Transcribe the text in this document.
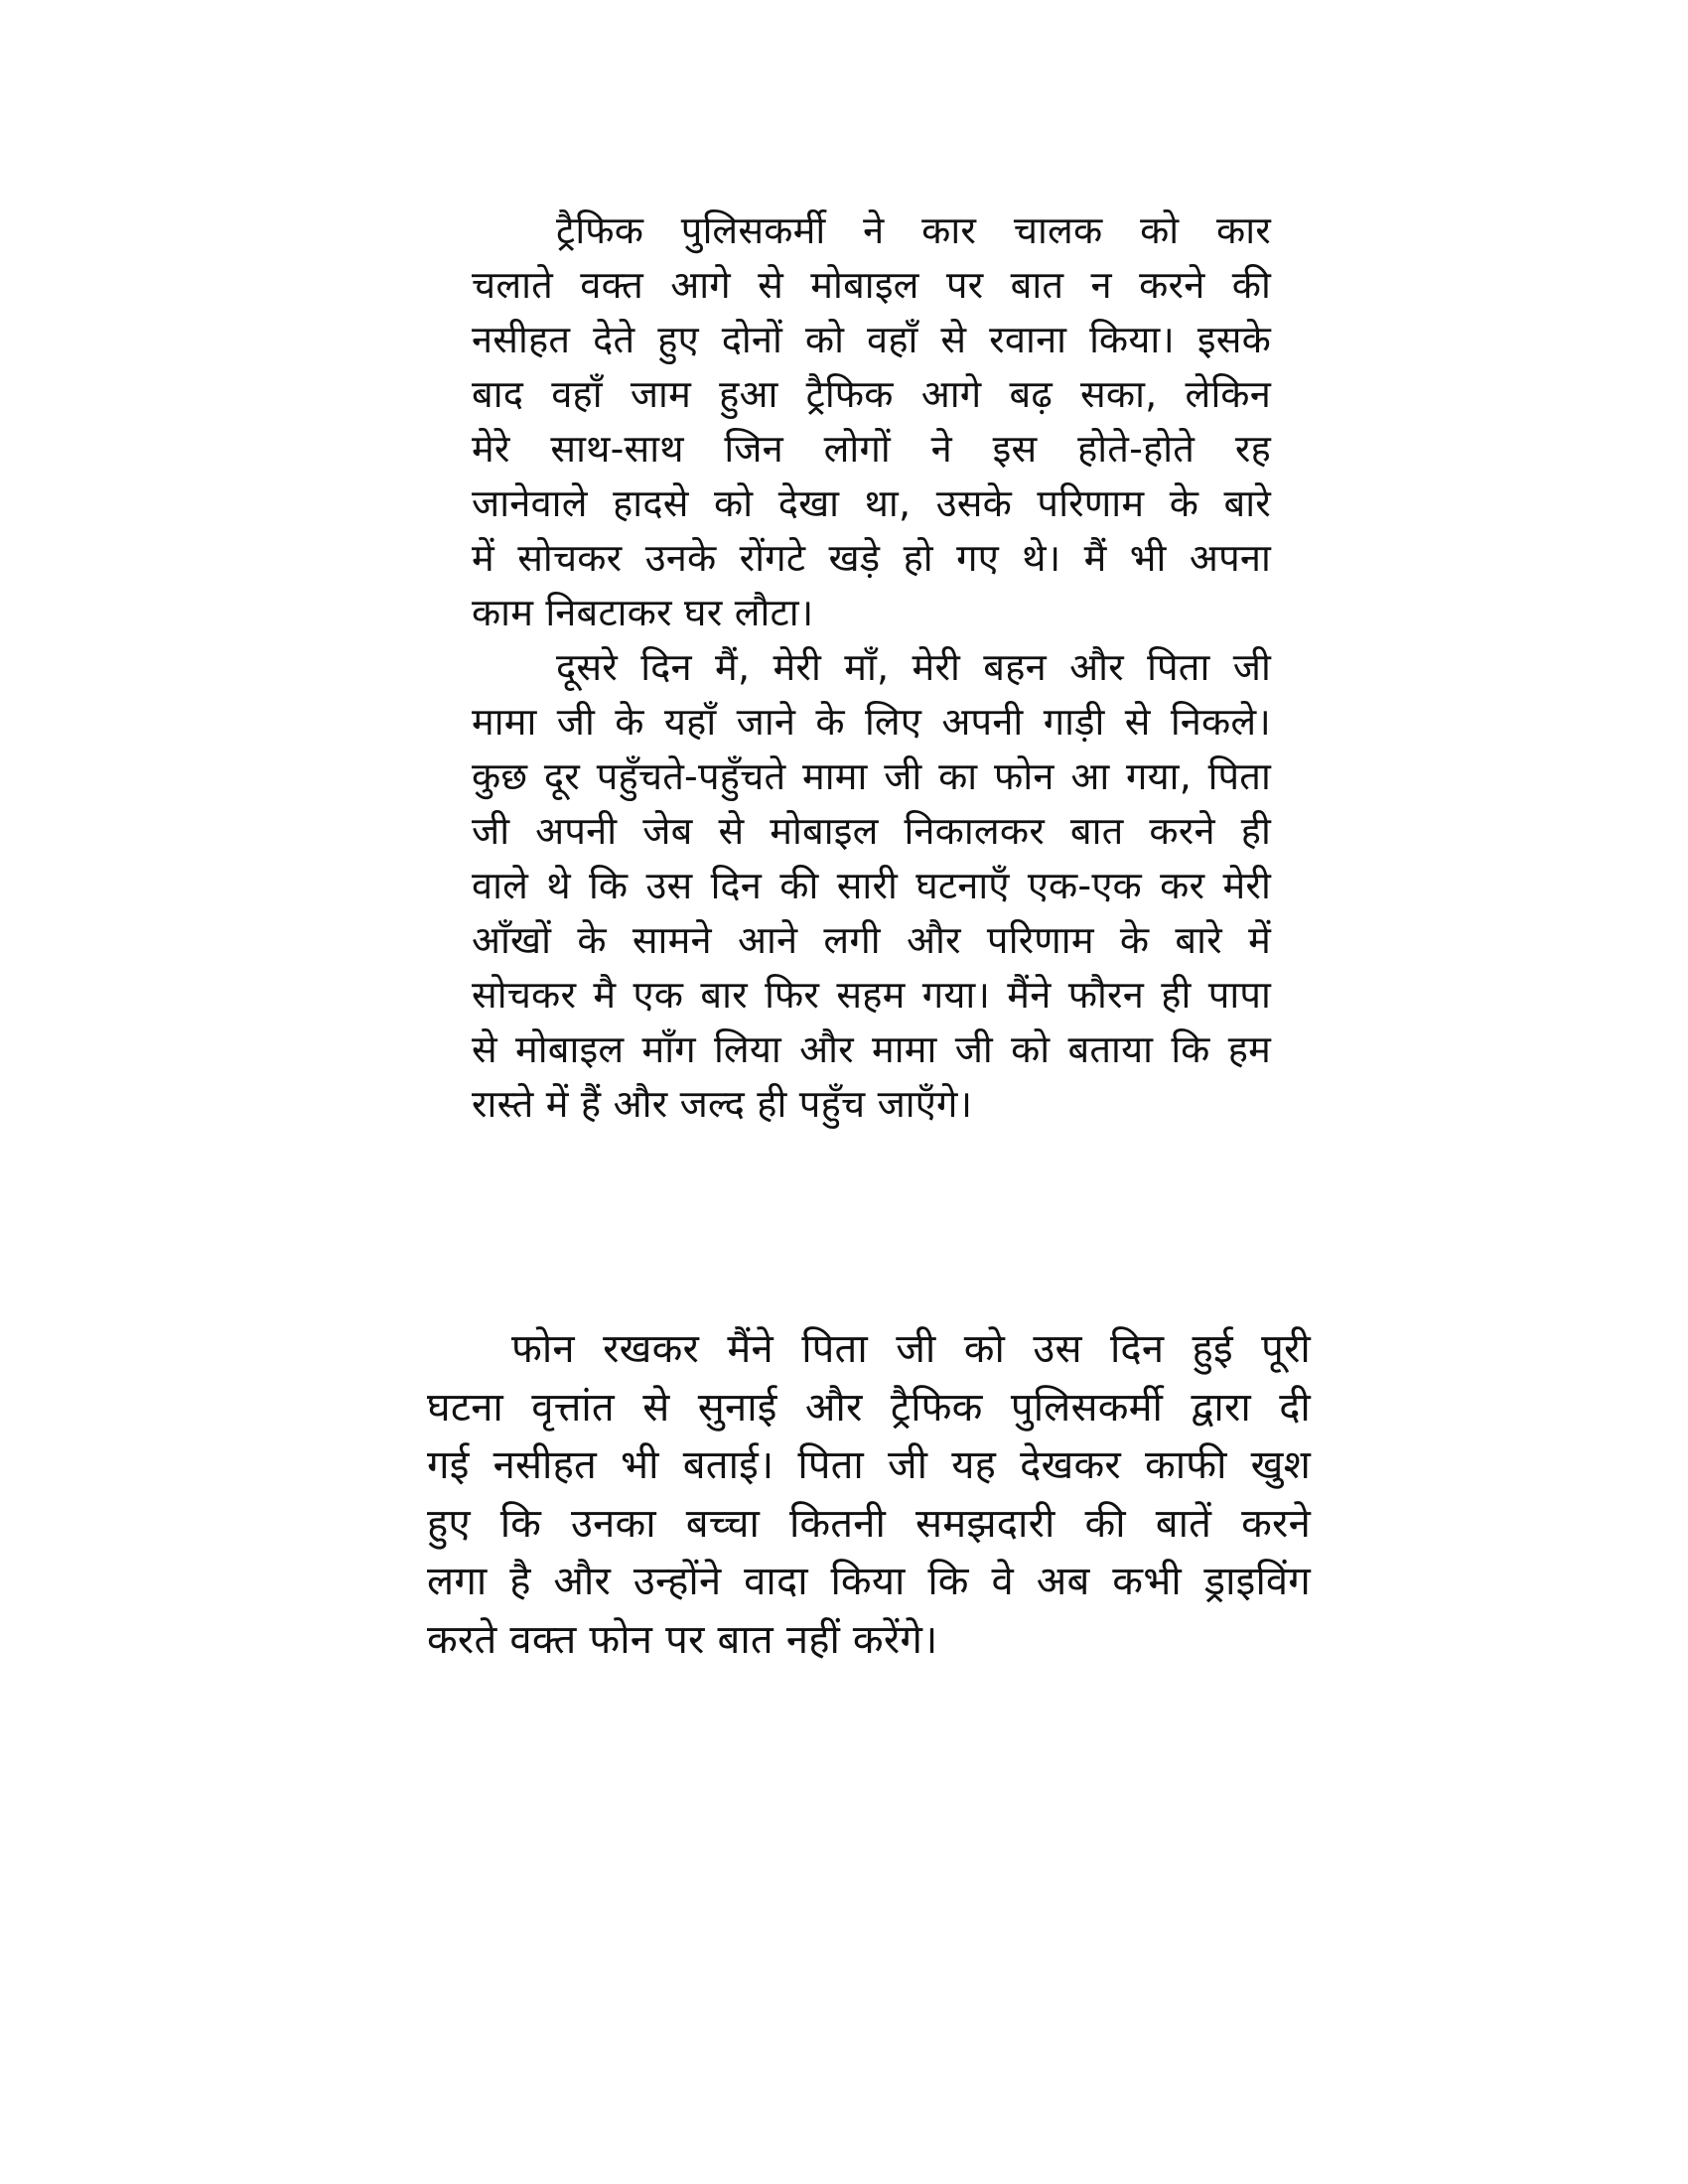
ट्रैफिक पुलिसकर्मी ने कार चालक को कार
चलाते वक्त आगे से मोबाइल पर बात न करने की
नसीहत देते हुए दोनों को वहाँ से रवाना किया। इसके
बाद वहाँ जाम हुआ ट्रैफिक आगे बढ़ सका, लेकिन
मेरे साथ-साथ जिन लोगों ने इस होते-होते रह
जानेवाले हादसे को देखा था, उसके परिणाम के बारे
में सोचकर उनके रोंगटे खड़े हो गए थे। मैं भी अपना
काम निबटाकर घर लौटा।
दूसरे दिन मैं, मेरी माँ, मेरी बहन और पिता जी
मामा जी के यहाँ जाने के लिए अपनी गाड़ी से निकले।
कुछ दूर पहुँचते-पहुँचते मामा जी का फोन आ गया, पिता
जी अपनी जेब से मोबाइल निकालकर बात करने ही
वाले थे कि उस दिन की सारी घटनाएँ एक-एक कर मेरी
आँखों के सामने आने लगी और परिणाम के बारे में
सोचकर मै एक बार फिर सहम गया। मैंने फौरन ही पापा
से मोबाइल माँग लिया और मामा जी को बताया कि हम
रास्ते में हैं और जल्द ही पहुँच जाएँगे।
फोन रखकर मैंने पिता जी को उस दिन हुई पूरी
घटना वृत्तांत से सुनाई और ट्रैफिक पुलिसकर्मी द्वारा दी
गई नसीहत भी बताई। पिता जी यह देखकर काफी खुश
हुए कि उनका बच्चा कितनी समझदारी की बातें करने
लगा है और उन्होंने वादा किया कि वे अब कभी ड्राइविंग
करते वक्त फोन पर बात नहीं करेंगे।
